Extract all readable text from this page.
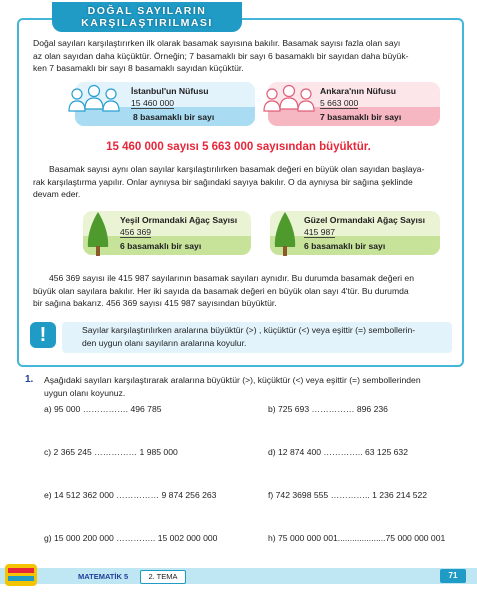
DOĞAL SAYILARIN
KARŞILAŞTIRILMASI
Doğal sayıları karşılaştırırken ilk olarak basamak sayısına bakılır. Basamak sayısı fazla olan sayı
az olan sayıdan daha küçüktür. Örneğin; 7 basamaklı bir sayı 6 basamaklı bir sayıdan daha büyük-
ken 7 basamaklı bir sayı 8 basamaklı sayıdan küçüktür.
İstanbul'un Nüfusu
15 460 000
8 basamaklı bir sayı
Ankara'nın Nüfusu
5 663 000
7 basamaklı bir sayı
15 460 000 sayısı 5 663 000 sayısından büyüktür.
Basamak sayısı aynı olan sayılar karşılaştırılırken basamak değeri en büyük olan sayıdan başlaya-
rak karşılaştırma yapılır. Onlar aynıysa bir sağındaki sayıya bakılır. O da aynıysa bir sağına şeklinde
devam eder.
Yeşil Ormandaki Ağaç Sayısı
456 369
6 basamaklı bir sayı
Güzel Ormandaki Ağaç Sayısı
415 987
6 basamaklı bir sayı
456 369 sayısı ile 415 987 sayılarının basamak sayıları aynıdır. Bu durumda basamak değeri en
büyük olan sayılara bakılır. Her iki sayıda da basamak değeri en büyük olan sayı 4'tür. Bu durumda
bir sağına bakarız. 456 369 sayısı 415 987 sayısından büyüktür.
!	Sayılar karşılaştırılırken aralarına büyüktür (>) , küçüktür (<) veya eşittir (=) sembollerin-
den uygun olanı sayıların aralarına koyulur.
1. Aşağıdaki sayıları karşılaştırarak aralarına büyüktür (>), küçüktür (<) veya eşittir (=) sembollerinden
uygun olanı koyunuz.
a) 95 000 ……………. 496 785	b) 725 693 …………… 896 236
c) 2 365 245 …………… 1 985 000	d) 12 874 400 ………….. 63 125 632
e) 14 512 362 000 …………… 9 874 256 263	f) 742 3698 555 ………….. 1 236 214 522
g) 15 000 200 000 ………….. 15 002 000 000	h) 75 000 000 001....................75 000 000 001
MATEMATİK 5	2. TEMA	71
